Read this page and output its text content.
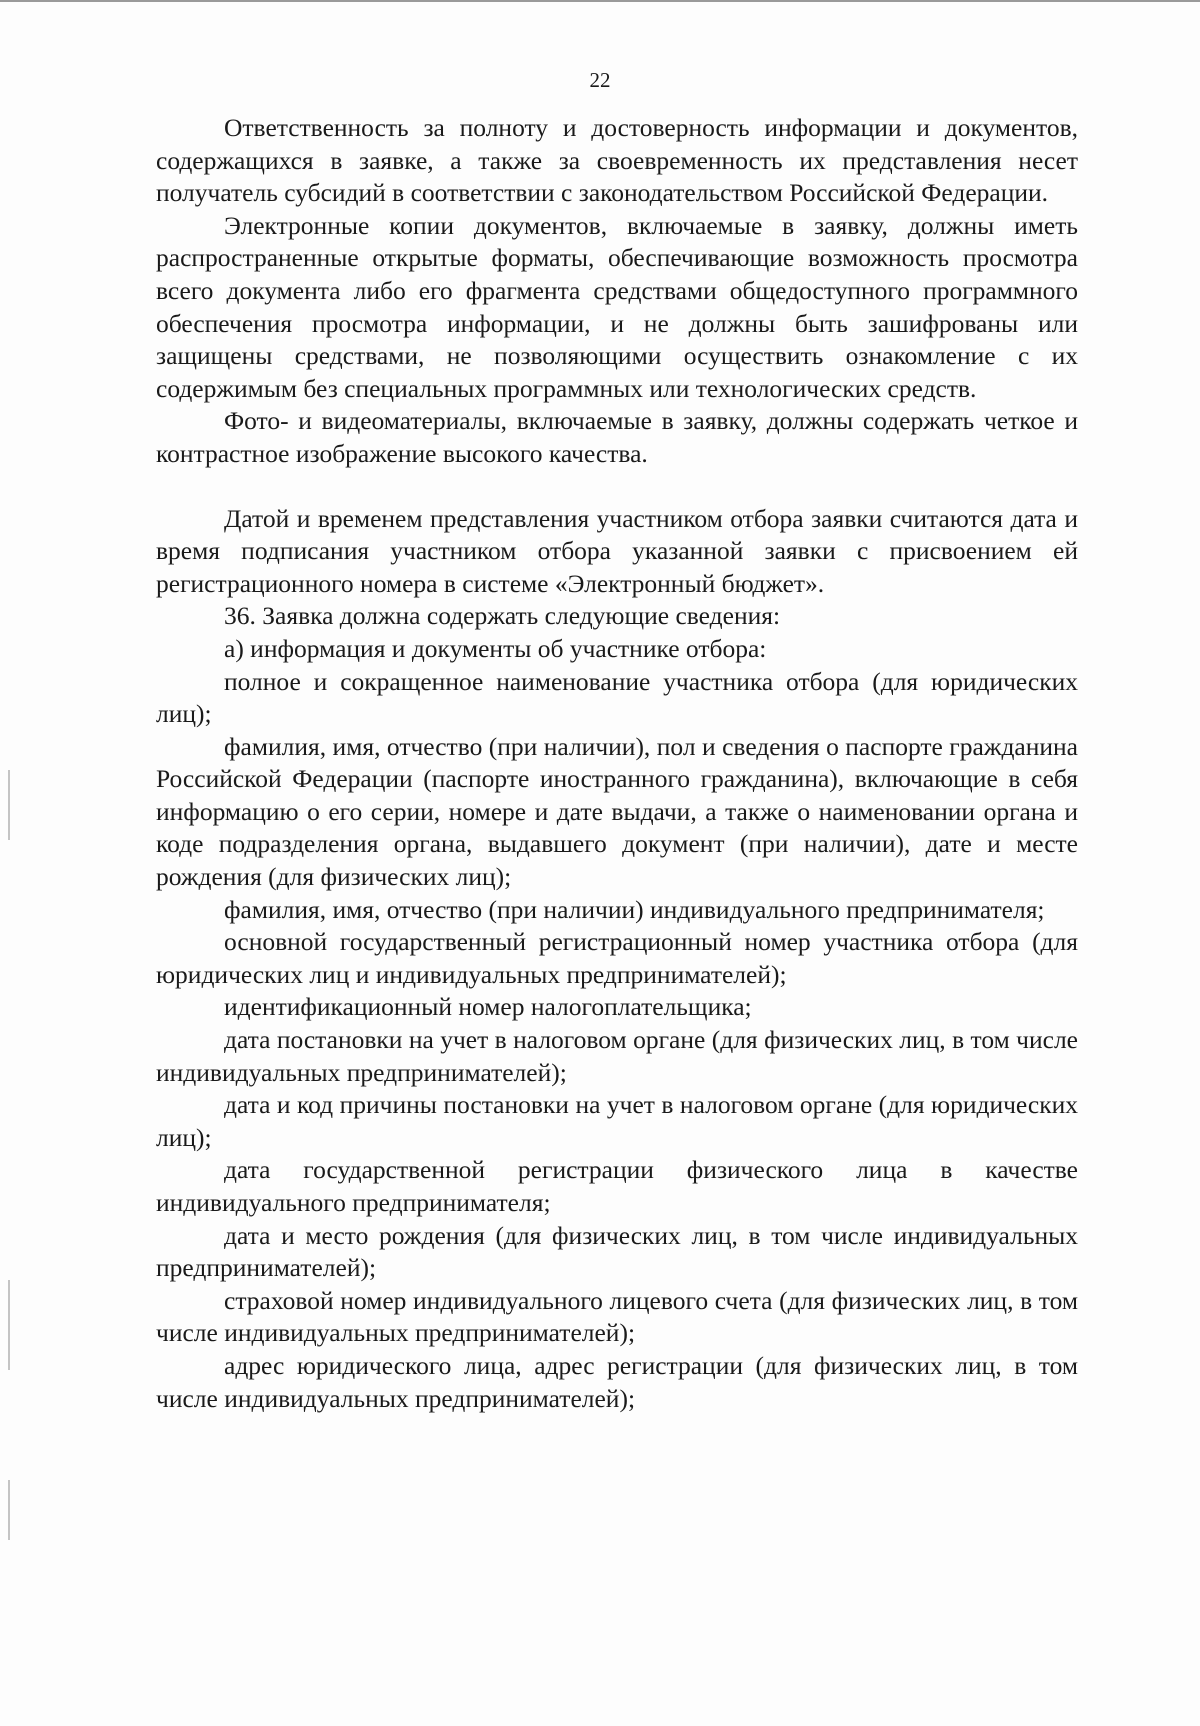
22

Ответственность за полноту и достоверность информации и документов, содержащихся в заявке, а также за своевременность их представления несет получатель субсидий в соответствии с законодательством Российской Федерации.

Электронные копии документов, включаемые в заявку, должны иметь распространенные открытые форматы, обеспечивающие возможность просмотра всего документа либо его фрагмента средствами общедоступного программного обеспечения просмотра информации, и не должны быть зашифрованы или защищены средствами, не позволяющими осуществить ознакомление с их содержимым без специальных программных или технологических средств.

Фото- и видеоматериалы, включаемые в заявку, должны содержать четкое и контрастное изображение высокого качества.

Датой и временем представления участником отбора заявки считаются дата и время подписания участником отбора указанной заявки с присвоением ей регистрационного номера в системе «Электронный бюджет».

36. Заявка должна содержать следующие сведения:

а) информация и документы об участнике отбора:

полное и сокращенное наименование участника отбора (для юридических лиц);

фамилия, имя, отчество (при наличии), пол и сведения о паспорте гражданина Российской Федерации (паспорте иностранного гражданина), включающие в себя информацию о его серии, номере и дате выдачи, а также о наименовании органа и коде подразделения органа, выдавшего документ (при наличии), дате и месте рождения (для физических лиц);

фамилия, имя, отчество (при наличии) индивидуального предпринимателя;

основной государственный регистрационный номер участника отбора (для юридических лиц и индивидуальных предпринимателей);

идентификационный номер налогоплательщика;

дата постановки на учет в налоговом органе (для физических лиц, в том числе индивидуальных предпринимателей);

дата и код причины постановки на учет в налоговом органе (для юридических лиц);

дата государственной регистрации физического лица в качестве индивидуального предпринимателя;

дата и место рождения (для физических лиц, в том числе индивидуальных предпринимателей);

страховой номер индивидуального лицевого счета (для физических лиц, в том числе индивидуальных предпринимателей);

адрес юридического лица, адрес регистрации (для физических лиц, в том числе индивидуальных предпринимателей);
